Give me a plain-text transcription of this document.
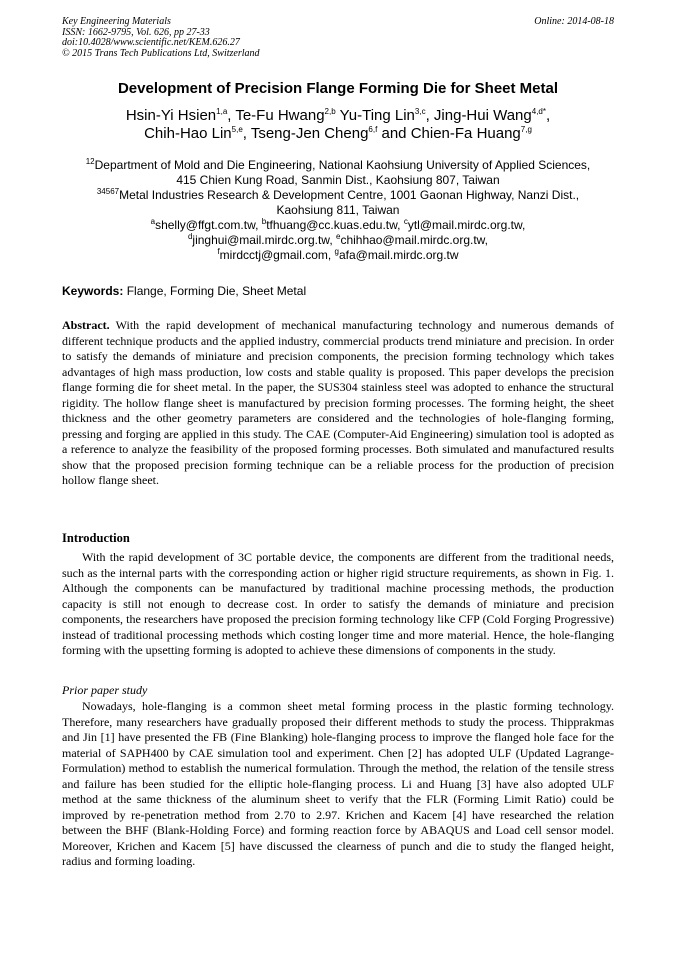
Key Engineering Materials
ISSN: 1662-9795, Vol. 626, pp 27-33
doi:10.4028/www.scientific.net/KEM.626.27
© 2015 Trans Tech Publications Ltd, Switzerland
Online: 2014-08-18
Development of Precision Flange Forming Die for Sheet Metal
Hsin-Yi Hsien$^{1,a}$, Te-Fu Hwang$^{2,b}$ Yu-Ting Lin$^{3,c}$, Jing-Hui Wang$^{4,d*}$,
Chih-Hao Lin$^{5,e}$, Tseng-Jen Cheng$^{6,f}$ and Chien-Fa Huang$^{7,g}$
$^{12}$Department of Mold and Die Engineering, National Kaohsiung University of Applied Sciences,
415 Chien Kung Road, Sanmin Dist., Kaohsiung 807, Taiwan
$^{34567}$Metal Industries Research & Development Centre, 1001 Gaonan Highway, Nanzi Dist.,
Kaohsiung 811, Taiwan
$^a$shelly@ffgt.com.tw, $^b$tfhuang@cc.kuas.edu.tw, $^c$ytl@mail.mirdc.org.tw,
$^d$jinghui@mail.mirdc.org.tw, $^e$chihhao@mail.mirdc.org.tw,
$^f$mirdcctj@gmail.com, $^g$afa@mail.mirdc.org.tw
Keywords: Flange, Forming Die, Sheet Metal

Abstract. With the rapid development of mechanical manufacturing technology and numerous demands of different technique products and the applied industry, commercial products trend miniature and precision. In order to satisfy the demands of miniature and precision components, the precision forming technology which takes advantages of high mass production, low costs and stable quality is proposed. This paper develops the precision flange forming die for sheet metal. In the paper, the SUS304 stainless steel was adopted to enhance the structural rigidity. The hollow flange sheet is manufactured by precision forming processes. The forming height, the sheet thickness and the other geometry parameters are considered and the technologies of hole-flanging forming, pressing and forging are applied in this study. The CAE (Computer-Aid Engineering) simulation tool is adopted as a reference to analyze the feasibility of the proposed forming processes. Both simulated and manufactured results show that the proposed precision forming technique can be a reliable process for the production of precision hollow flange sheet.

Introduction

With the rapid development of 3C portable device, the components are different from the traditional needs, such as the internal parts with the corresponding action or higher rigid structure requirements, as shown in Fig. 1. Although the components can be manufactured by traditional machine processing methods, the production capacity is still not enough to decrease cost. In order to satisfy the demands of miniature and precision components, the researchers have proposed the precision forming technology like CFP (Cold Forging Progressive) instead of traditional processing methods which costing longer time and more material. Hence, the hole-flanging forming with the upsetting forming is adopted to achieve these dimensions of components in the study.

Prior paper study

Nowadays, hole-flanging is a common sheet metal forming process in the plastic forming technology. Therefore, many researchers have gradually proposed their different methods to study the process. Thipprakmas and Jin [1] have presented the FB (Fine Blanking) hole-flanging process to improve the flanged hole face for the material of SAPH400 by CAE simulation tool and experiment. Chen [2] has adopted ULF (Updated Lagrange- Formulation) method to establish the numerical formulation. Through the method, the relation of the tensile stress and failure has been studied for the elliptic hole-flanging process. Li and Huang [3] have also adopted ULF method at the same thickness of the aluminum sheet to verify that the FLR (Forming Limit Ratio) could be improved by re-penetration method from 2.70 to 2.97. Krichen and Kacem [4] have researched the relation between the BHF (Blank-Holding Force) and forming reaction force by ABAQUS and Load cell sensor model. Moreover, Krichen and Kacem [5] have discussed the clearness of punch and die to study the flanged height, radius and forming loading.
